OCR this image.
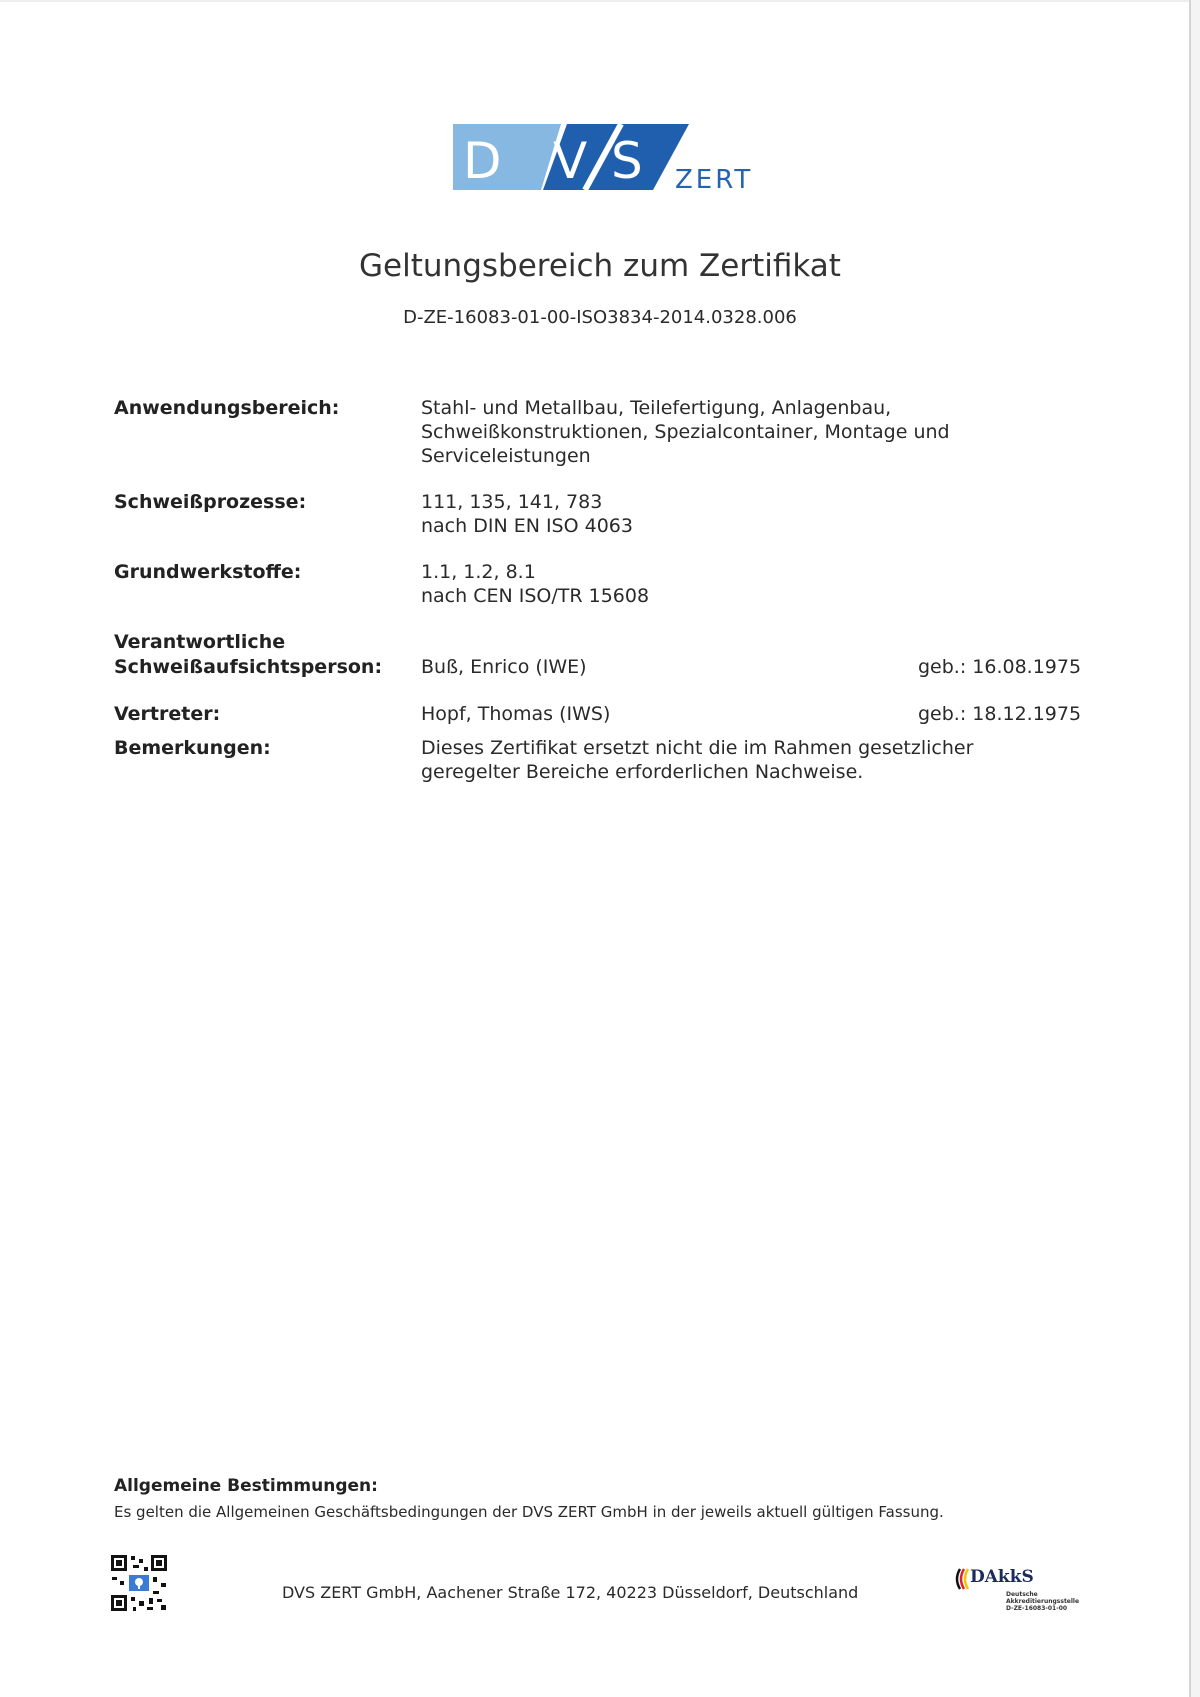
D V S ZERT
Geltungsbereich zum Zertifikat
D-ZE-16083-01-00-ISO3834-2014.0328.006
Anwendungsbereich:	Stahl- und Metallbau, Teilefertigung, Anlagenbau,
Schweißkonstruktionen, Spezialcontainer, Montage und
Serviceleistungen
Schweißprozesse:	111, 135, 141, 783
nach DIN EN ISO 4063
Grundwerkstoffe:	1.1, 1.2, 8.1
nach CEN ISO/TR 15608
Verantwortliche
Schweißaufsichtsperson: Buß, Enrico (IWE)	geb.: 16.08.1975
Vertreter:	Hopf, Thomas (IWS)	geb.: 18.12.1975
Bemerkungen:	Dieses Zertifikat ersetzt nicht die im Rahmen gesetzlicher
geregelter Bereiche erforderlichen Nachweise.
Allgemeine Bestimmungen:
Es gelten die Allgemeinen Geschäftsbedingungen der DVS ZERT GmbH in der jeweils aktuell gültigen Fassung.
DVS ZERT GmbH, Aachener Straße 172, 40223 Düsseldorf, Deutschland
DAkkS
Deutsche
Akkreditierungsstelle
D-ZE-16083-01-00
